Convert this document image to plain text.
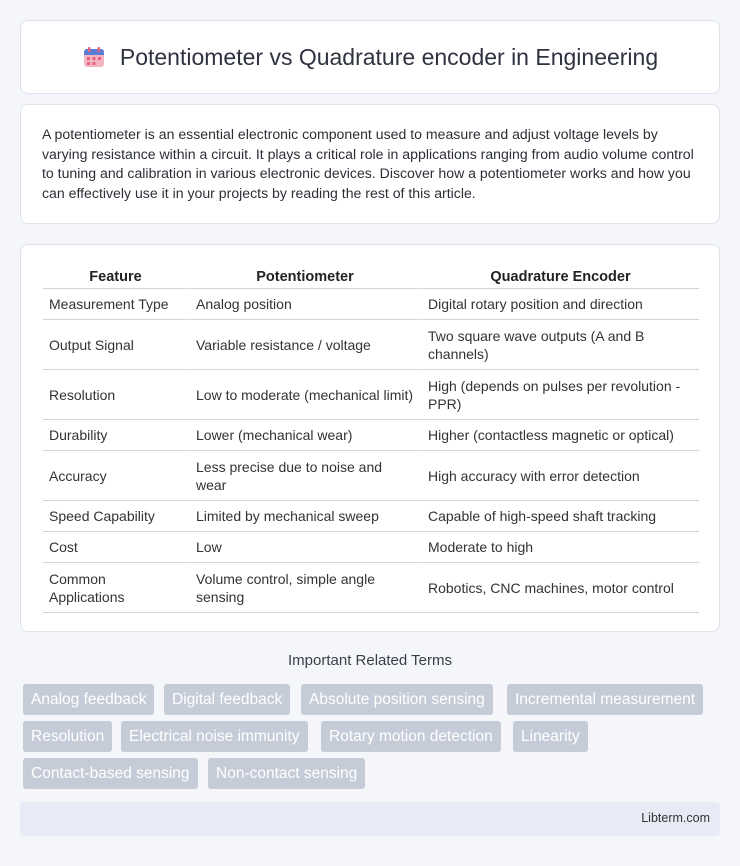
Potentiometer vs Quadrature encoder in Engineering

A potentiometer is an essential electronic component used to measure and adjust voltage levels by varying resistance within a circuit. It plays a critical role in applications ranging from audio volume control to tuning and calibration in various electronic devices. Discover how a potentiometer works and how you can effectively use it in your projects by reading the rest of this article.

Feature	Potentiometer	Quadrature Encoder
Measurement Type	Analog position	Digital rotary position and direction
Output Signal	Variable resistance / voltage	Two square wave outputs (A and B channels)
Resolution	Low to moderate (mechanical limit)	High (depends on pulses per revolution - PPR)
Durability	Lower (mechanical wear)	Higher (contactless magnetic or optical)
Accuracy	Less precise due to noise and wear	High accuracy with error detection
Speed Capability	Limited by mechanical sweep	Capable of high-speed shaft tracking
Cost	Low	Moderate to high
Common Applications	Volume control, simple angle sensing	Robotics, CNC machines, motor control
Important Related Terms
Analog feedback	Digital feedback	Absolute position sensing	Incremental measurement
Resolution	Electrical noise immunity	Rotary motion detection	Linearity
Contact-based sensing	Non-contact sensing
Libterm.com
